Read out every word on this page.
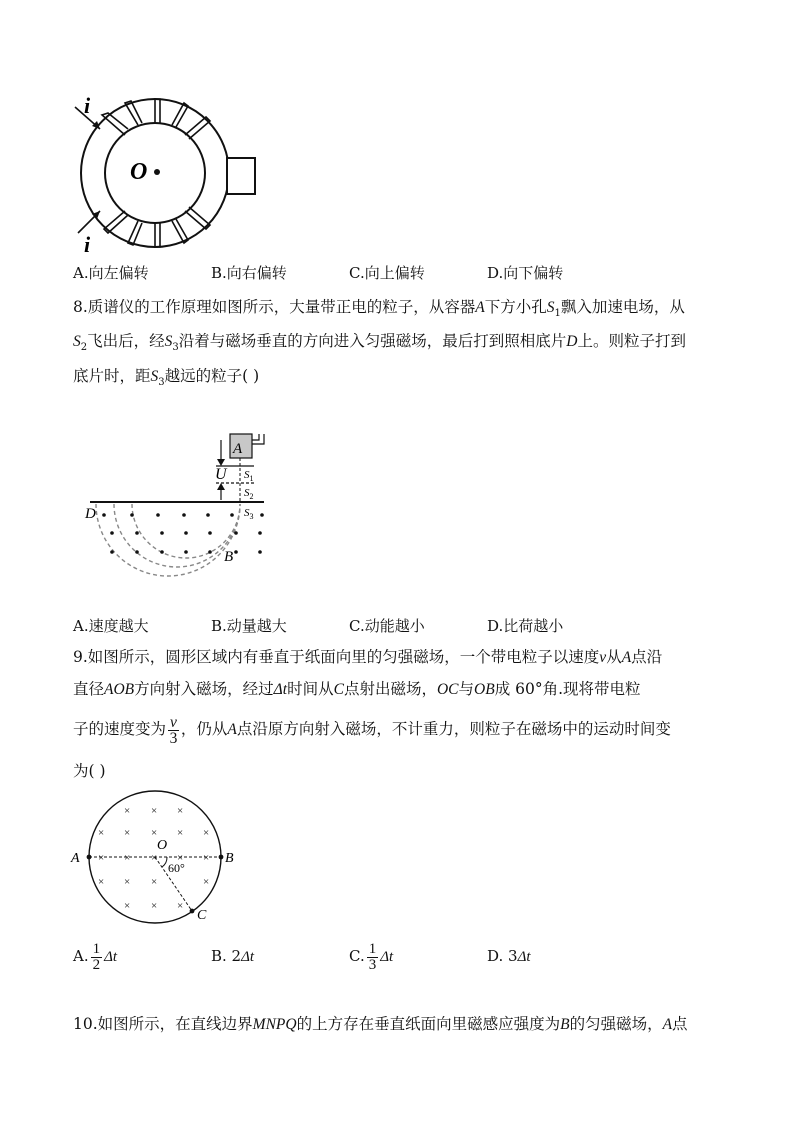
i
O
i
A.向左偏转	B.向右偏转	C.向上偏转	D.向下偏转
8.质谱仪的工作原理如图所示，大量带正电的粒子，从容器A下方小孔$S_1$飘入加速电场，从
$S_2$飞出后，经$S_3$沿着与磁场垂直的方向进入匀强磁场，最后打到照相底片D上。则粒子打到
底片时，距$S_3$越远的粒子( )
A
U $S_1$
$S_2$
$S_3$
D
B
A.速度越大	B.动量越大	C.动能越小	D.比荷越小
9.如图所示，圆形区域内有垂直于纸面向里的匀强磁场，一个带电粒子以速度v从A点沿
直径AOB方向射入磁场，经过Δt时间从C点射出磁场，OC与OB成 60°角.现将带电粒
子的速度变为 $\frac{v}{3}$ ，仍从A点沿原方向射入磁场，不计重力，则粒子在磁场中的运动时间变
为( )
× × ×
× × × × ×
× × × × ×
× × ×	×
× × ×
A
O
B
C
60°
A. $\frac{1}{2}$ Δt	B. 2Δt	C. $\frac{1}{3}$ Δt	D. 3Δt
10.如图所示，在直线边界MNPQ的上方存在垂直纸面向里磁感应强度为B的匀强磁场，A点
